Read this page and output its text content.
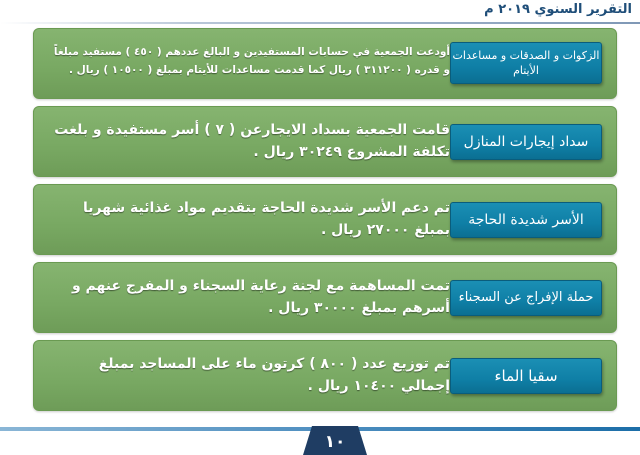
التقرير السنوي ٢٠١٩ م

أودعت الجمعية في حسابات المستفيدين و البالغ عددهم ( ٤٥٠ ) مستفيد مبلغاً و قدره ( ٣١١٢٠٠ ) ريال كما قدمت مساعدات للأيتام بمبلغ ( ١٠٥٠٠ ) ريال .

الزكوات و الصدقات و مساعدات الأيتام

قامت الجمعية بسداد الايجارعن ( ٧ ) أسر مستفيدة و بلغت تكلفة المشروع ٣٠٢٤٩ ريال .

سداد إيجارات المنازل

تم دعم الأسر شديدة الحاجة بتقديم مواد غذائية شهريا بمبلغ ٢٧٠٠٠ ريال .

الأسر شديدة الحاجة

تمت المساهمة مع لجنة رعاية السجناء و المفرج عنهم و أسرهم بمبلغ ٣٠٠٠٠ ريال .

حملة الإفراج عن السجناء

تم توزيع عدد ( ٨٠٠ ) كرتون ماء على المساجد بمبلغ إجمالي ١٠٤٠٠ ريال .

سقيا الماء

١٠
